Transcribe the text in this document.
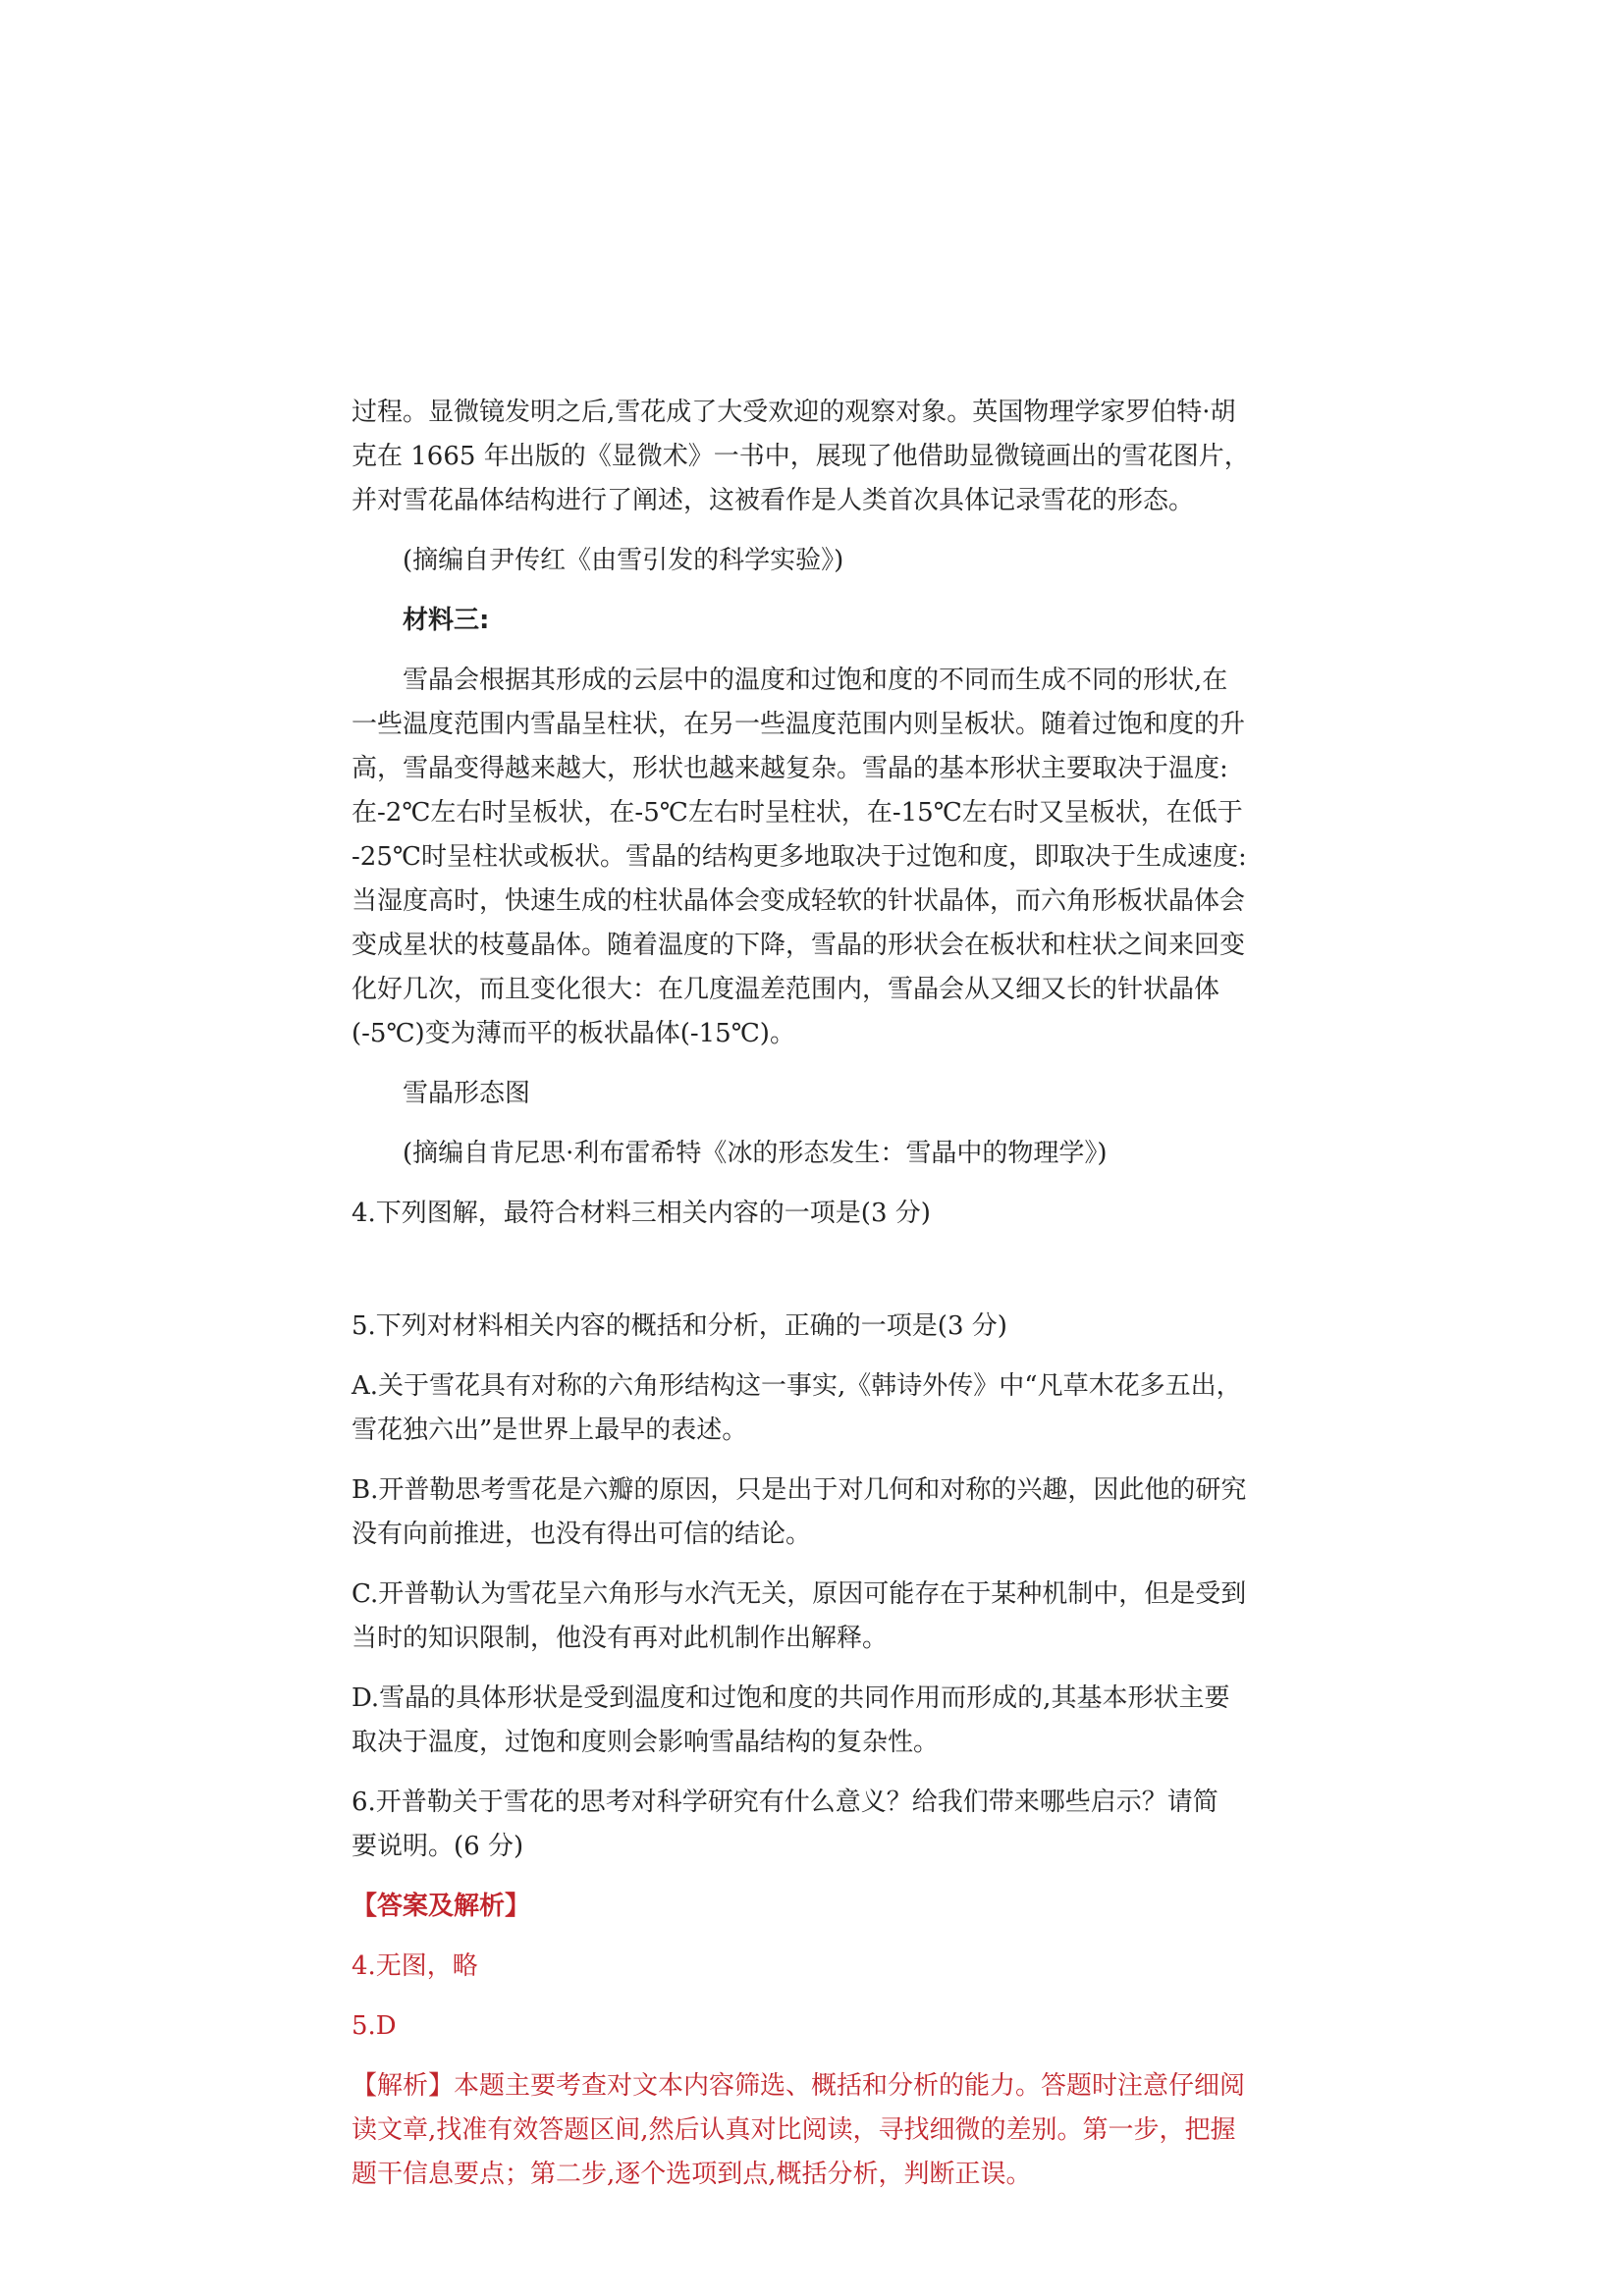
过程。显微镜发明之后,雪花成了大受欢迎的观察对象。英国物理学家罗伯特·胡
克在 1665 年出版的《显微术》一书中，展现了他借助显微镜画出的雪花图片，
并对雪花晶体结构进行了阐述，这被看作是人类首次具体记录雪花的形态。

(摘编自尹传红《由雪引发的科学实验》)

材料三:

雪晶会根据其形成的云层中的温度和过饱和度的不同而生成不同的形状,在
一些温度范围内雪晶呈柱状，在另一些温度范围内则呈板状。随着过饱和度的升
高，雪晶变得越来越大，形状也越来越复杂。雪晶的基本形状主要取决于温度:
在-2℃左右时呈板状，在-5℃左右时呈柱状，在-15℃左右时又呈板状，在低于
-25℃时呈柱状或板状。雪晶的结构更多地取决于过饱和度，即取决于生成速度:
当湿度高时，快速生成的柱状晶体会变成轻软的针状晶体，而六角形板状晶体会
变成星状的枝蔓晶体。随着温度的下降，雪晶的形状会在板状和柱状之间来回变
化好几次，而且变化很大：在几度温差范围内，雪晶会从又细又长的针状晶体
(-5℃)变为薄而平的板状晶体(-15℃)。

雪晶形态图

(摘编自肯尼思·利布雷希特《冰的形态发生：雪晶中的物理学》)

4.下列图解，最符合材料三相关内容的一项是(3 分)

5.下列对材料相关内容的概括和分析，正确的一项是(3 分)

A.关于雪花具有对称的六角形结构这一事实,《韩诗外传》中“凡草木花多五出，
雪花独六出”是世界上最早的表述。

B.开普勒思考雪花是六瓣的原因，只是出于对几何和对称的兴趣，因此他的研究
没有向前推进，也没有得出可信的结论。

C.开普勒认为雪花呈六角形与水汽无关，原因可能存在于某种机制中，但是受到
当时的知识限制，他没有再对此机制作出解释。

D.雪晶的具体形状是受到温度和过饱和度的共同作用而形成的,其基本形状主要
取决于温度，过饱和度则会影响雪晶结构的复杂性。

6.开普勒关于雪花的思考对科学研究有什么意义？给我们带来哪些启示？请简
要说明。(6 分)

【答案及解析】

4.无图，略

5.D

【解析】本题主要考查对文本内容筛选、概括和分析的能力。答题时注意仔细阅
读文章,找准有效答题区间,然后认真对比阅读，寻找细微的差别。第一步，把握
题干信息要点；第二步,逐个选项到点,概括分析，判断正误。
